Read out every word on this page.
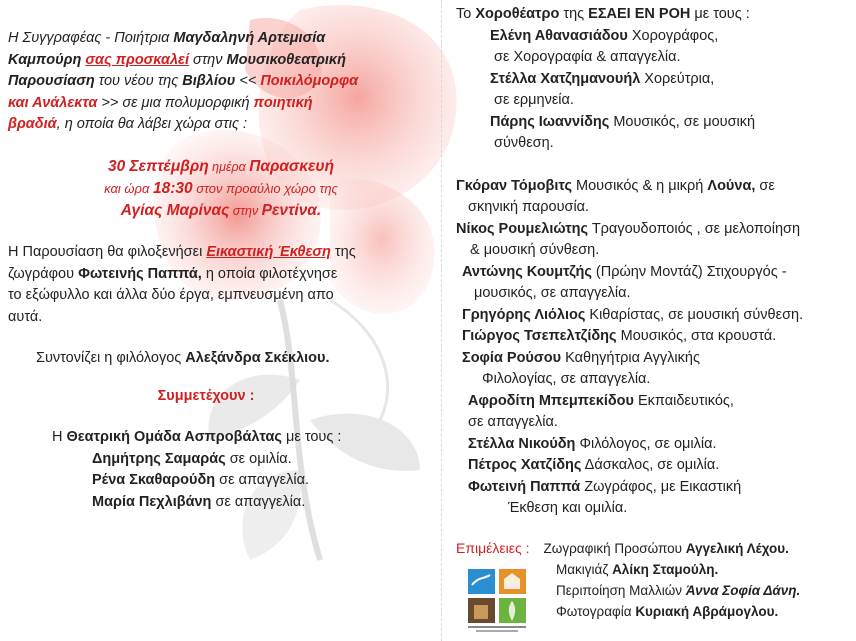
Η Συγγραφέας - Ποιήτρια Μαγδαληνή Αρτεμισία
Καμπούρη σας προσκαλεί στην Μουσικοθεατρική
Παρουσίαση του νέου της Βιβλίου << Ποικιλόμορφα
και Ανάλεκτα >> σε μια πολυμορφική ποιητική
βραδιά, η οποία θα λάβει χώρα στις :
30 Σεπτέμβρη ημέρα Παρασκευή
και ώρα 18:30 στον προαύλιο χώρο της
Αγίας Μαρίνας στην Ρεντίνα.
Η Παρουσίαση θα φιλοξενήσει Εικαστική Έκθεση της
ζωγράφου Φωτεινής Παππά, η οποία φιλοτέχνησε
το εξώφυλλο και άλλα δύο έργα, εμπνευσμένη απο
αυτά.
Συντονίζει η φιλόλογος Αλεξάνδρα Σκέκλιου.
Συμμετέχουν :
Η Θεατρική Ομάδα Ασπροβάλτας με τους :
Δημήτρης Σαμαράς σε ομιλία.
Ρένα Σκαθαρούδη σε απαγγελία.
Μαρία Πεχλιβάνη σε απαγγελία.
Το Χοροθέατρο της ΕΣΑΕΙ ΕΝ ΡΟΗ με τους :
Ελένη Αθανασιάδου Χορογράφος,
σε Χορογραφία & απαγγελία.
Στέλλα Χατζημανουήλ Χορεύτρια,
σε ερμηνεία.
Πάρης Ιωαννίδης Μουσικός, σε μουσική
σύνθεση.
Γκόραν Τόμοβιτς Μουσικός & η μικρή Λούνα, σε
σκηνική παρουσία.
Νίκος Ρουμελιώτης Τραγουδοποιός , σε μελοποίηση
& μουσική σύνθεση.
Αντώνης Κουμτζής (Πρώην Μοντάζ) Στιχουργός -
μουσικός, σε απαγγελία.
Γρηγόρης Λιόλιος Κιθαρίστας, σε μουσική σύνθεση.
Γιώργος Τσεπελτζίδης Μουσικός, στα κρουστά.
Σοφία Ρούσου Καθηγήτρια Αγγλικής
Φιλολογίας, σε απαγγελία.
Αφροδίτη Μπεμπεκίδου Εκπαιδευτικός,
σε απαγγελία.
Στέλλα Νικούδη Φιλόλογος, σε ομιλία.
Πέτρος Χατζίδης Δάσκαλος, σε ομιλία.
Φωτεινή Παππά Ζωγράφος, με Εικαστική
Έκθεση και ομιλία.
Επιμέλειες : Ζωγραφική Προσώπου Αγγελική Λέχου.
Μακιγιάζ Αλίκη Σταμούλη.
Περιποίηση Μαλλιών Άννα Σοφία Δάνη.
Φωτογραφία Κυριακή Αβράμογλου.
